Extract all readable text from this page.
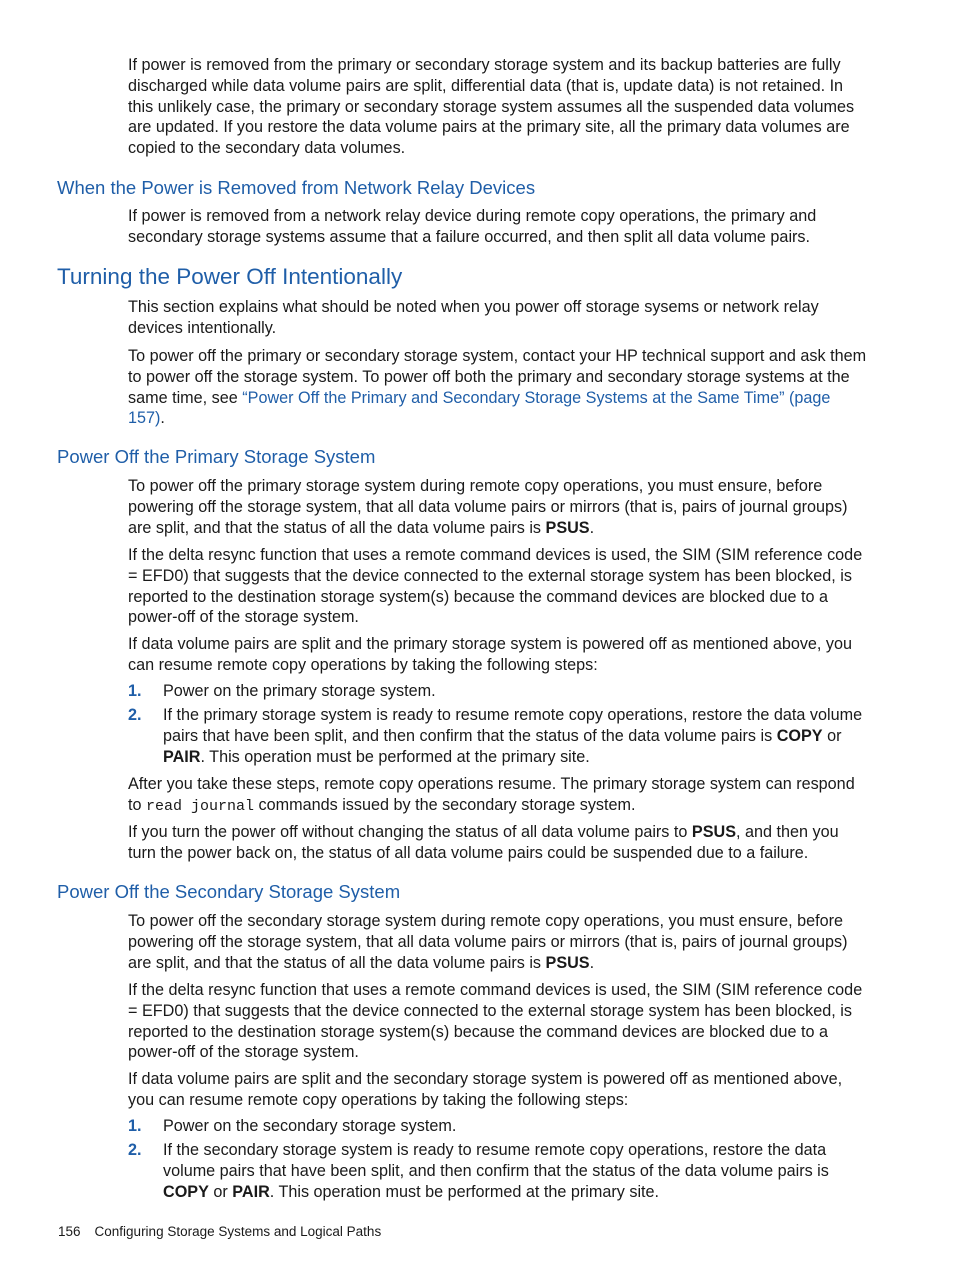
If power is removed from the primary or secondary storage system and its backup batteries are fully discharged while data volume pairs are split, differential data (that is, update data) is not retained. In this unlikely case, the primary or secondary storage system assumes all the suspended data volumes are updated. If you restore the data volume pairs at the primary site, all the primary data volumes are copied to the secondary data volumes.

When the Power is Removed from Network Relay Devices

If power is removed from a network relay device during remote copy operations, the primary and secondary storage systems assume that a failure occurred, and then split all data volume pairs.

Turning the Power Off Intentionally

This section explains what should be noted when you power off storage sysems or network relay devices intentionally.

To power off the primary or secondary storage system, contact your HP technical support and ask them to power off the storage system. To power off both the primary and secondary storage systems at the same time, see “Power Off the Primary and Secondary Storage Systems at the Same Time” (page 157).

Power Off the Primary Storage System

To power off the primary storage system during remote copy operations, you must ensure, before powering off the storage system, that all data volume pairs or mirrors (that is, pairs of journal groups) are split, and that the status of all the data volume pairs is PSUS.

If the delta resync function that uses a remote command devices is used, the SIM (SIM reference code = EFD0) that suggests that the device connected to the external storage system has been blocked, is reported to the destination storage system(s) because the command devices are blocked due to a power-off of the storage system.

If data volume pairs are split and the primary storage system is powered off as mentioned above, you can resume remote copy operations by taking the following steps:

1. Power on the primary storage system.

2. If the primary storage system is ready to resume remote copy operations, restore the data volume pairs that have been split, and then confirm that the status of the data volume pairs is COPY or PAIR. This operation must be performed at the primary site.

After you take these steps, remote copy operations resume. The primary storage system can respond to read journal commands issued by the secondary storage system.

If you turn the power off without changing the status of all data volume pairs to PSUS, and then you turn the power back on, the status of all data volume pairs could be suspended due to a failure.

Power Off the Secondary Storage System

To power off the secondary storage system during remote copy operations, you must ensure, before powering off the storage system, that all data volume pairs or mirrors (that is, pairs of journal groups) are split, and that the status of all the data volume pairs is PSUS.

If the delta resync function that uses a remote command devices is used, the SIM (SIM reference code = EFD0) that suggests that the device connected to the external storage system has been blocked, is reported to the destination storage system(s) because the command devices are blocked due to a power-off of the storage system.

If data volume pairs are split and the secondary storage system is powered off as mentioned above, you can resume remote copy operations by taking the following steps:

1. Power on the secondary storage system.

2. If the secondary storage system is ready to resume remote copy operations, restore the data volume pairs that have been split, and then confirm that the status of the data volume pairs is COPY or PAIR. This operation must be performed at the primary site.

156 Configuring Storage Systems and Logical Paths
